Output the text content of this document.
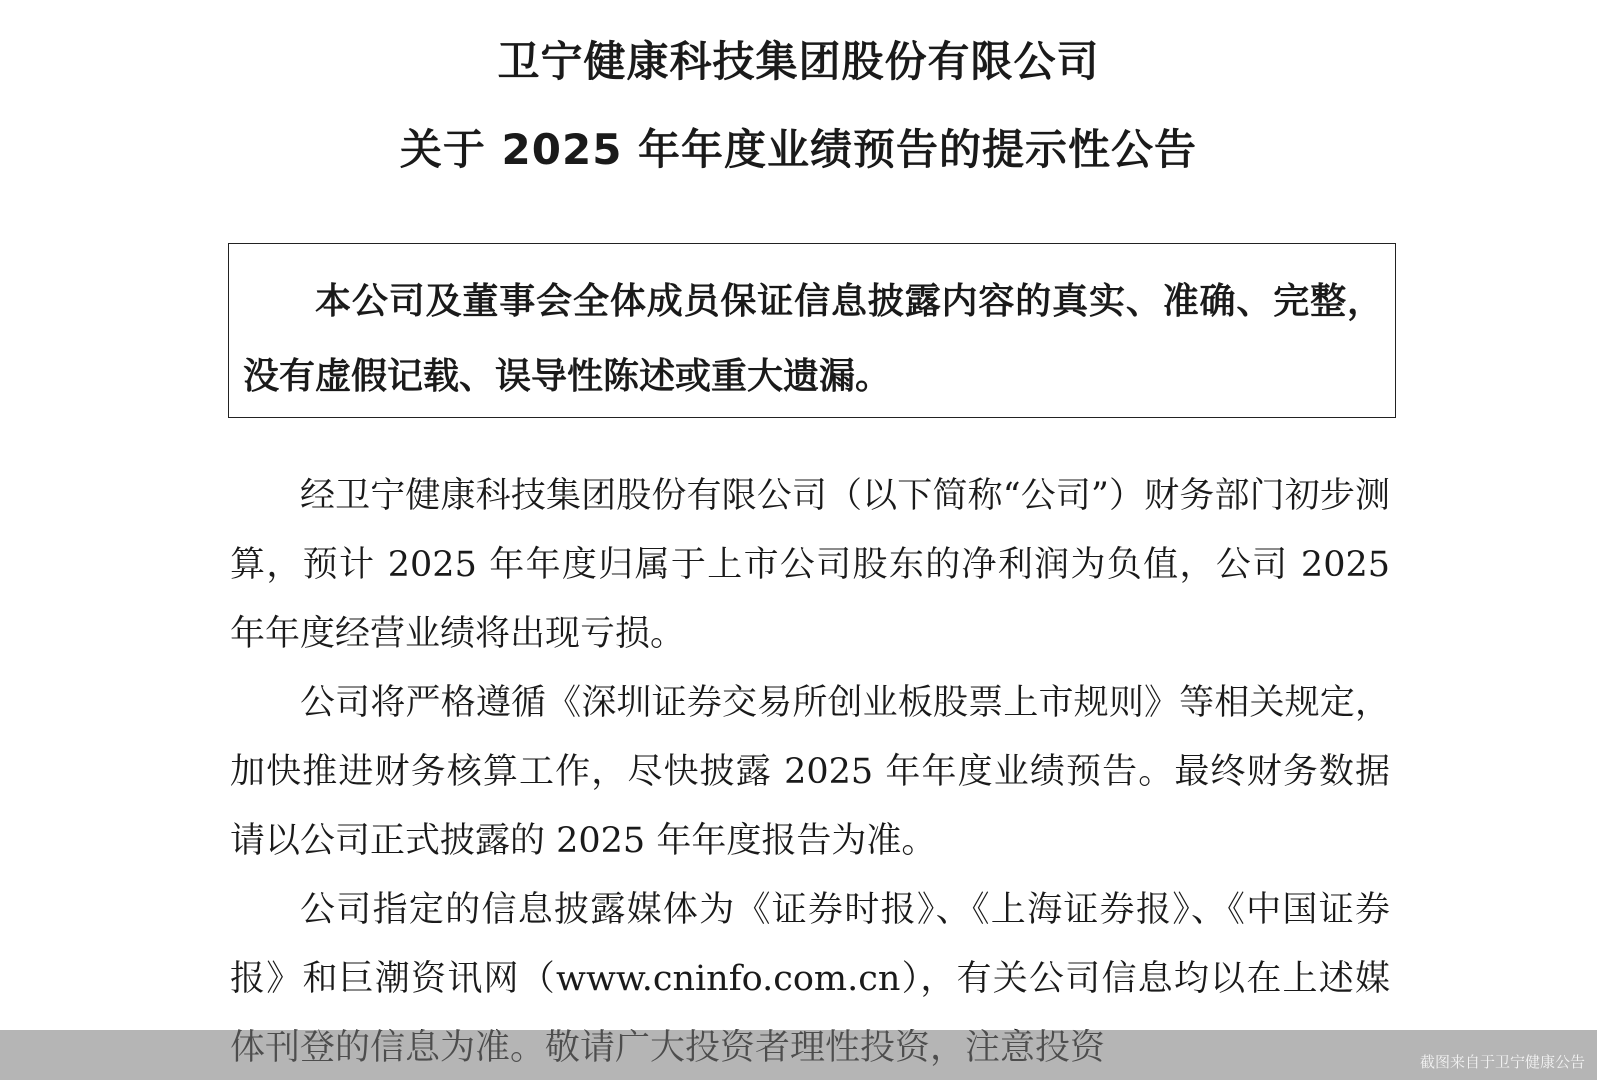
卫宁健康科技集团股份有限公司
关于 2025 年年度业绩预告的提示性公告

本公司及董事会全体成员保证信息披露内容的真实、准确、完整，没有虚假记载、误导性陈述或重大遗漏。

经卫宁健康科技集团股份有限公司（以下简称“公司”）财务部门初步测算，预计 2025 年年度归属于上市公司股东的净利润为负值，公司 2025 年年度经营业绩将出现亏损。

公司将严格遵循《深圳证券交易所创业板股票上市规则》等相关规定，加快推进财务核算工作，尽快披露 2025 年年度业绩预告。最终财务数据请以公司正式披露的 2025 年年度报告为准。

公司指定的信息披露媒体为《证券时报》、《上海证券报》、《中国证券报》和巨潮资讯网（www.cninfo.com.cn），有关公司信息均以在上述媒

截图来自于卫宁健康公告
